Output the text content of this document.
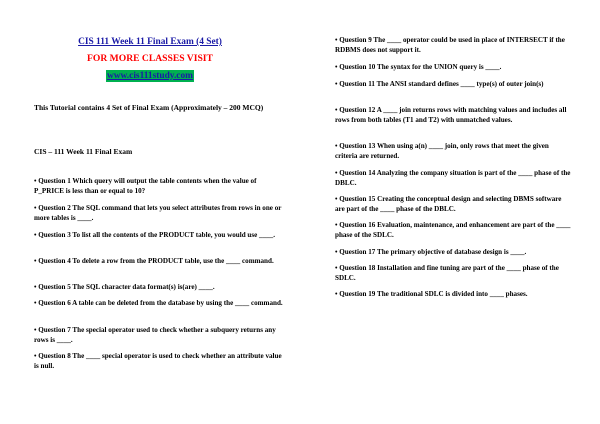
CIS 111 Week 11 Final Exam (4 Set)
FOR MORE CLASSES VISIT
www.cis111study.com
This Tutorial contains 4 Set of Final Exam (Approximately – 200 MCQ)
CIS – 111 Week 11 Final Exam

• Question 1 Which query will output the table contents when the value of P_PRICE is less than or equal to 10?

• Question 2 The SQL command that lets you select attributes from rows in one or more tables is ____.

• Question 3 To list all the contents of the PRODUCT table, you would use ____.

• Question 4 To delete a row from the PRODUCT table, use the ____ command.

• Question 5 The SQL character data format(s) is(are) ____.

• Question 6 A table can be deleted from the database by using the ____ command.

• Question 7 The special operator used to check whether a subquery returns any rows is ____.

• Question 8 The ____ special operator is used to check whether an attribute value is null.

• Question 9 The ____ operator could be used in place of INTERSECT if the RDBMS does not support it.

• Question 10 The syntax for the UNION query is ____.

• Question 11 The ANSI standard defines ____ type(s) of outer join(s)

• Question 12 A ____ join returns rows with matching values and includes all rows from both tables (T1 and T2) with unmatched values.

• Question 13 When using a(n) ____ join, only rows that meet the given criteria are returned.

• Question 14 Analyzing the company situation is part of the ____ phase of the DBLC.

• Question 15 Creating the conceptual design and selecting DBMS software are part of the ____ phase of the DBLC.

• Question 16 Evaluation, maintenance, and enhancement are part of the ____ phase of the SDLC.

• Question 17 The primary objective of database design is ____.

• Question 18 Installation and fine tuning are part of the ____ phase of the SDLC.

• Question 19 The traditional SDLC is divided into ____ phases.
